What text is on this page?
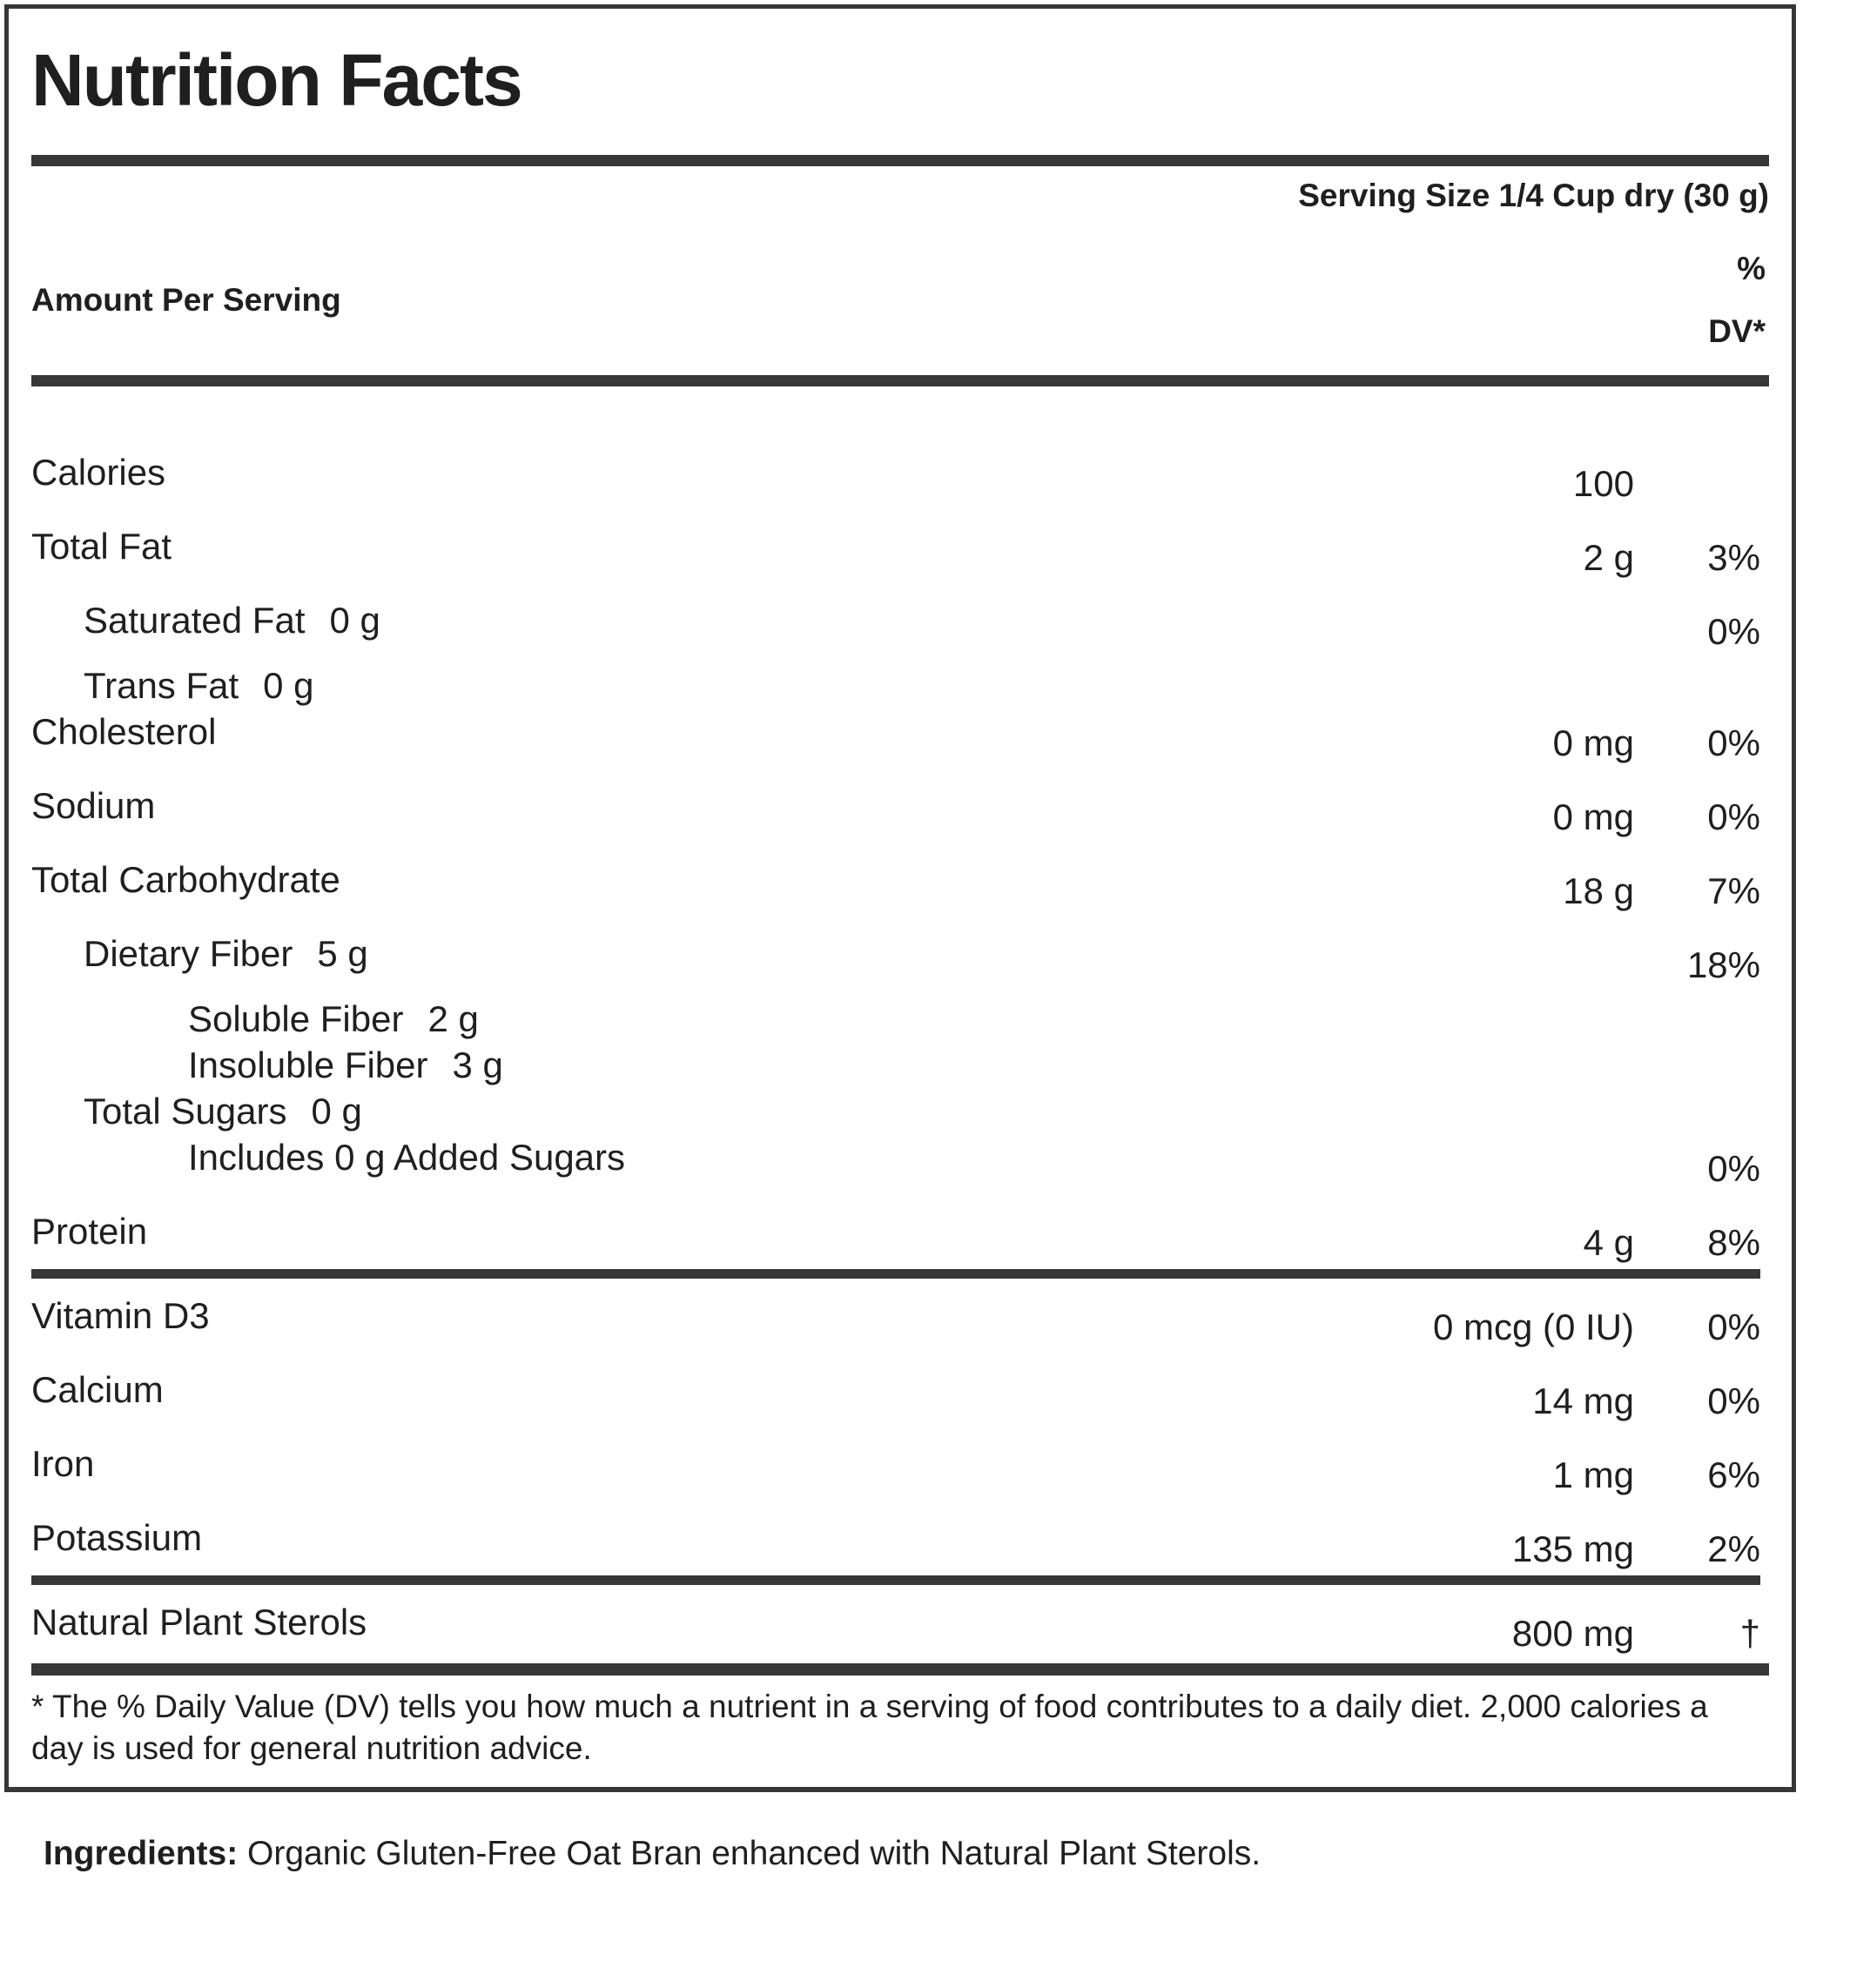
Nutrition Facts
Serving Size 1/4 Cup dry (30 g)
Amount Per Serving
%
DV*
Calories	100
Total Fat	2 g	3%
Saturated Fat 0 g	0%
Trans Fat 0 g
Cholesterol	0 mg	0%
Sodium	0 mg	0%
Total Carbohydrate	18 g	7%
Dietary Fiber 5 g	18%
Soluble Fiber 2 g
Insoluble Fiber 3 g
Total Sugars 0 g
Includes 0 g Added Sugars	0%
Protein	4 g	8%
Vitamin D3	0 mcg (0 IU)	0%
Calcium	14 mg	0%
Iron	1 mg	6%
Potassium	135 mg	2%
Natural Plant Sterols	800 mg	†

* The % Daily Value (DV) tells you how much a nutrient in a serving of food contributes to a daily diet. 2,000 calories a day is used for general nutrition advice.

Ingredients: Organic Gluten-Free Oat Bran enhanced with Natural Plant Sterols.
